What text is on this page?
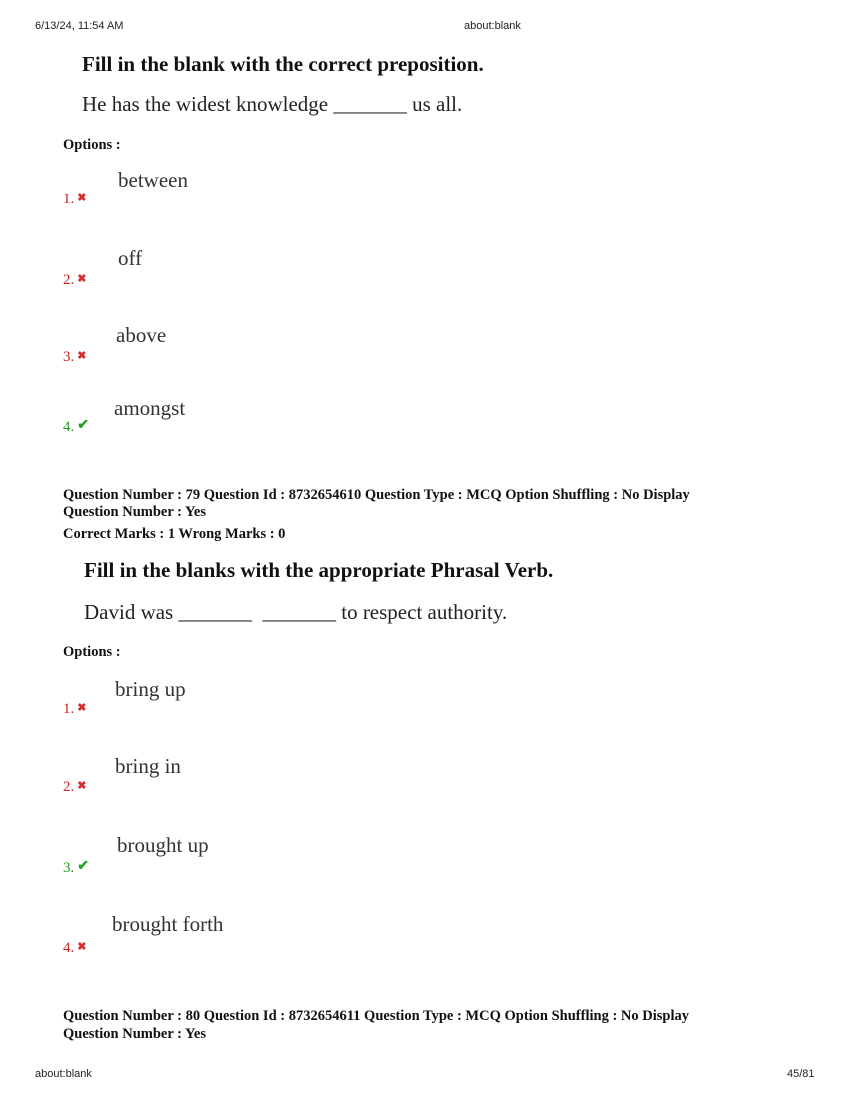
6/13/24, 11:54 AM	about:blank
Fill in the blank with the correct preposition.
He has the widest knowledge _______ us all.
Options :
1. ✖
between
2. ✖
off
3. ✖
above
4. ✔
amongst
Question Number : 79 Question Id : 8732654610 Question Type : MCQ Option Shuffling : No Display
Question Number : Yes
Correct Marks : 1 Wrong Marks : 0
Fill in the blanks with the appropriate Phrasal Verb.
David was _______  _______ to respect authority.
Options :
1. ✖
bring up
2. ✖
bring in
3. ✔
brought up
4. ✖
brought forth
Question Number : 80 Question Id : 8732654611 Question Type : MCQ Option Shuffling : No Display
Question Number : Yes
about:blank	45/81
